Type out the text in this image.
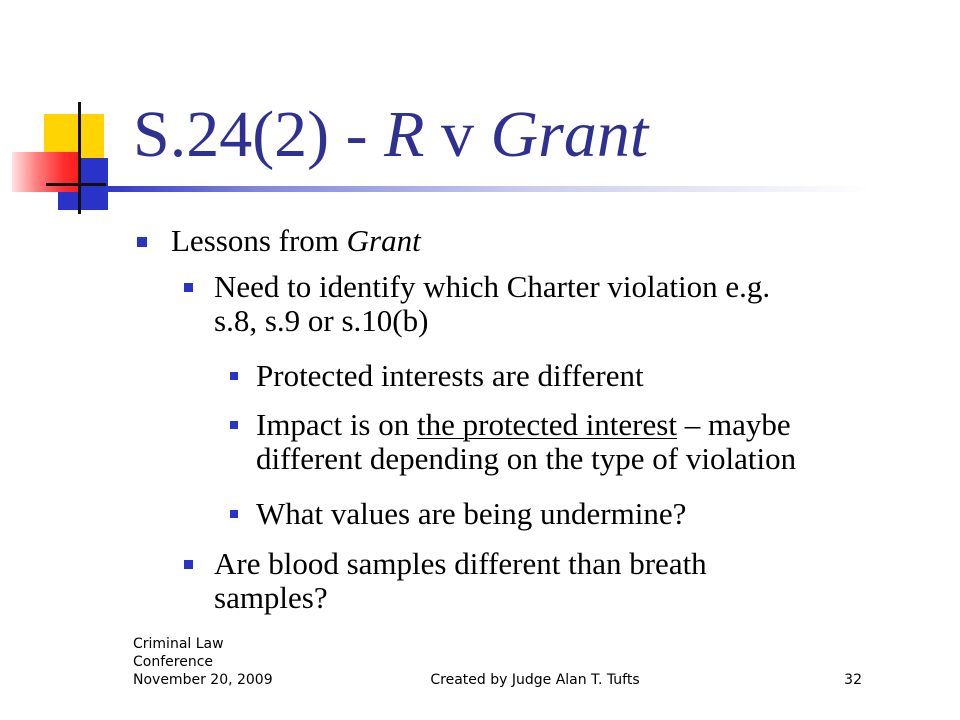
S.24(2) - R v Grant
Lessons from Grant
Need to identify which Charter violation e.g.
s.8, s.9 or s.10(b)
Protected interests are different
Impact is on the protected interest – maybe
different depending on the type of violation
What values are being undermine?
Are blood samples different than breath
samples?
Criminal Law
Conference
November 20, 2009	Created by Judge Alan T. Tufts	32
